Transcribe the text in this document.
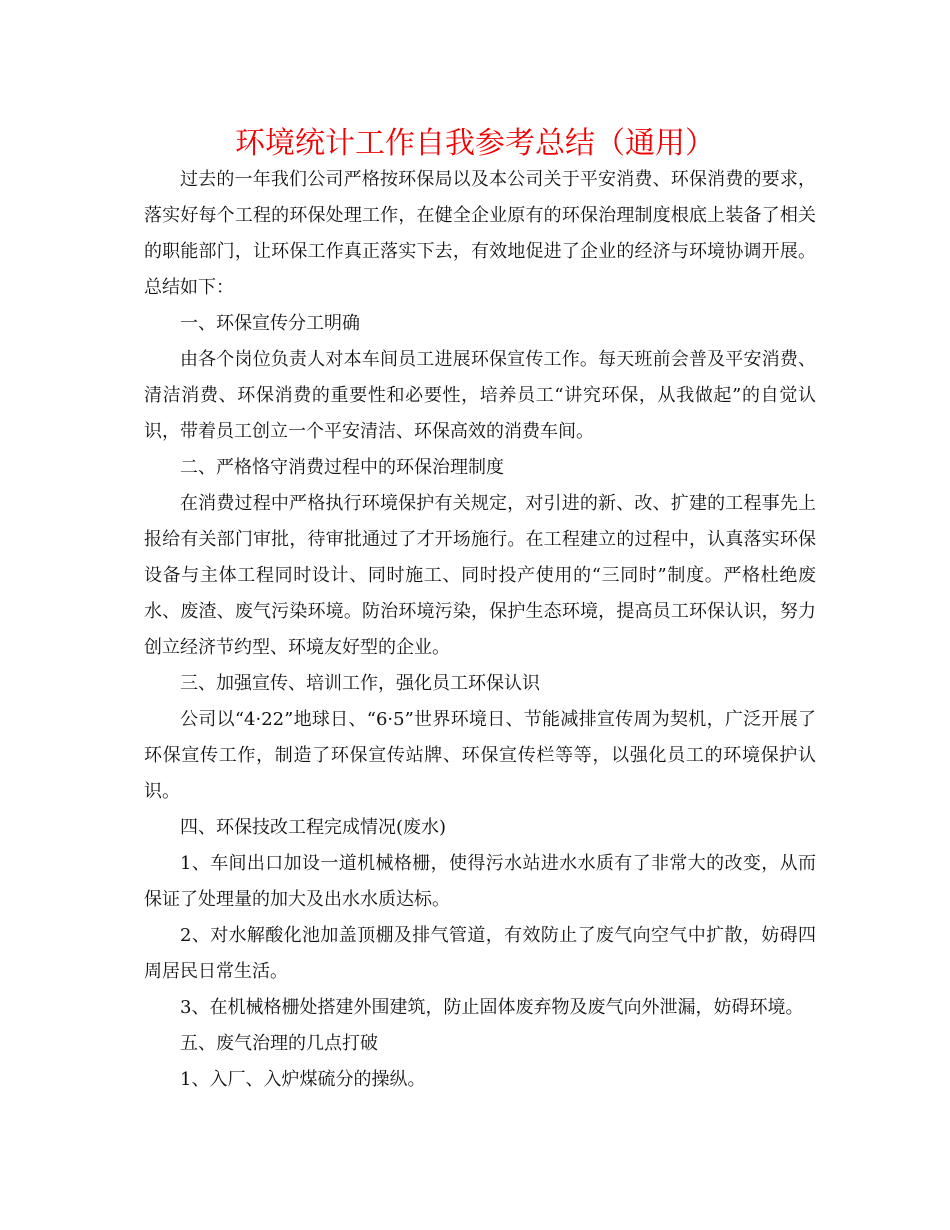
环境统计工作自我参考总结（通用）

过去的一年我们公司严格按环保局以及本公司关于平安消费、环保消费的要求，落实好每个工程的环保处理工作，在健全企业原有的环保治理制度根底上装备了相关的职能部门，让环保工作真正落实下去，有效地促进了企业的经济与环境协调开展。总结如下：

一、环保宣传分工明确

由各个岗位负责人对本车间员工进展环保宣传工作。每天班前会普及平安消费、清洁消费、环保消费的重要性和必要性，培养员工“讲究环保，从我做起”的自觉认识，带着员工创立一个平安清洁、环保高效的消费车间。

二、严格恪守消费过程中的环保治理制度

在消费过程中严格执行环境保护有关规定，对引进的新、改、扩建的工程事先上报给有关部门审批，待审批通过了才开场施行。在工程建立的过程中，认真落实环保设备与主体工程同时设计、同时施工、同时投产使用的“三同时”制度。严格杜绝废水、废渣、废气污染环境。防治环境污染，保护生态环境，提高员工环保认识，努力创立经济节约型、环境友好型的企业。

三、加强宣传、培训工作，强化员工环保认识

公司以“4·22”地球日、“6·5”世界环境日、节能减排宣传周为契机，广泛开展了环保宣传工作，制造了环保宣传站牌、环保宣传栏等等，以强化员工的环境保护认识。

四、环保技改工程完成情况(废水)

1、车间出口加设一道机械格栅，使得污水站进水水质有了非常大的改变，从而保证了处理量的加大及出水水质达标。

2、对水解酸化池加盖顶棚及排气管道，有效防止了废气向空气中扩散，妨碍四周居民日常生活。

3、在机械格栅处搭建外围建筑，防止固体废弃物及废气向外泄漏，妨碍环境。

五、废气治理的几点打破

1、入厂、入炉煤硫分的操纵。
